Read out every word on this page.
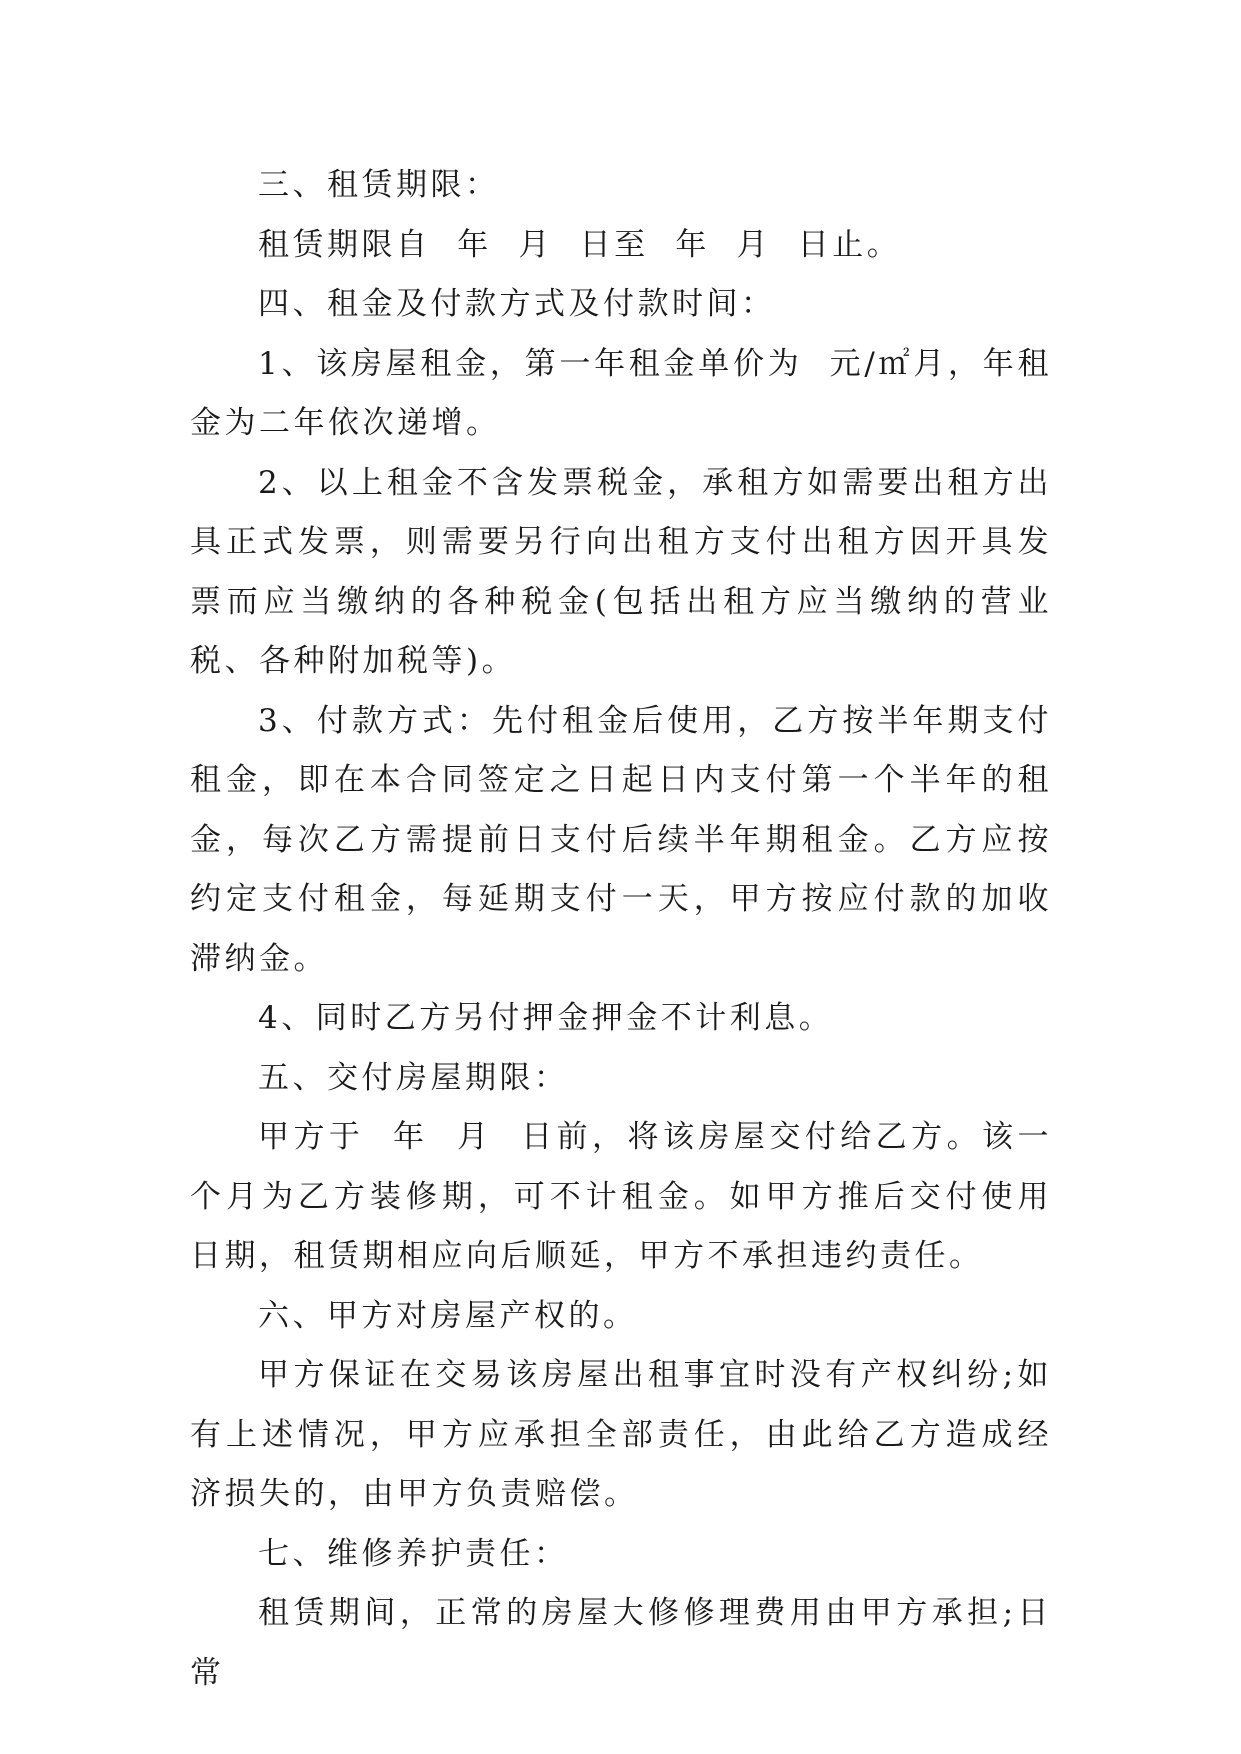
三、租赁期限：

租赁期限自  年  月  日至  年  月  日止。

四、租金及付款方式及付款时间：

1、该房屋租金，第一年租金单价为  元/㎡月，年租金为二年依次递增。

2、以上租金不含发票税金，承租方如需要出租方出具正式发票，则需要另行向出租方支付出租方因开具发票而应当缴纳的各种税金(包括出租方应当缴纳的营业税、各种附加税等)。

3、付款方式：先付租金后使用，乙方按半年期支付租金，即在本合同签定之日起日内支付第一个半年的租金，每次乙方需提前日支付后续半年期租金。乙方应按约定支付租金，每延期支付一天，甲方按应付款的加收滞纳金。

4、同时乙方另付押金押金不计利息。

五、交付房屋期限：

甲方于  年  月  日前，将该房屋交付给乙方。该一个月为乙方装修期，可不计租金。如甲方推后交付使用日期，租赁期相应向后顺延，甲方不承担违约责任。

六、甲方对房屋产权的。

甲方保证在交易该房屋出租事宜时没有产权纠纷;如有上述情况，甲方应承担全部责任，由此给乙方造成经济损失的，由甲方负责赔偿。

七、维修养护责任：

租赁期间，正常的房屋大修修理费用由甲方承担;日常
